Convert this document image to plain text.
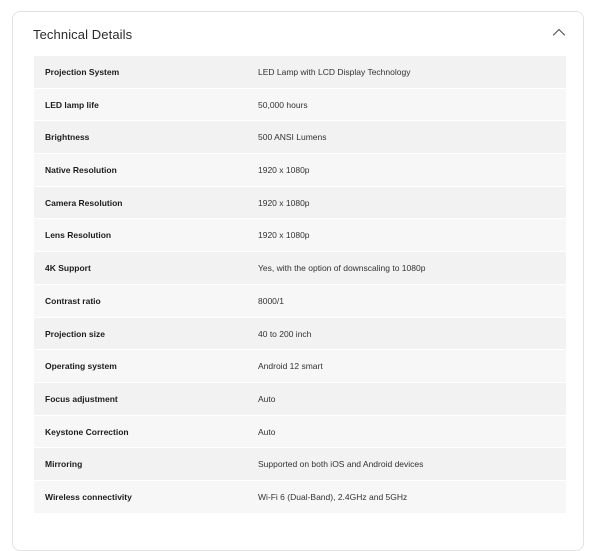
Technical Details
Projection System	LED Lamp with LCD Display Technology
LED lamp life	50,000 hours
Brightness	500 ANSI Lumens
Native Resolution	1920 x 1080p
Camera Resolution	1920 x 1080p
Lens Resolution	1920 x 1080p
4K Support	Yes, with the option of downscaling to 1080p
Contrast ratio	8000/1
Projection size	40 to 200 inch
Operating system	Android 12 smart
Focus adjustment	Auto
Keystone Correction	Auto
Mirroring	Supported on both iOS and Android devices
Wireless connectivity	Wi-Fi 6 (Dual-Band), 2.4GHz and 5GHz
